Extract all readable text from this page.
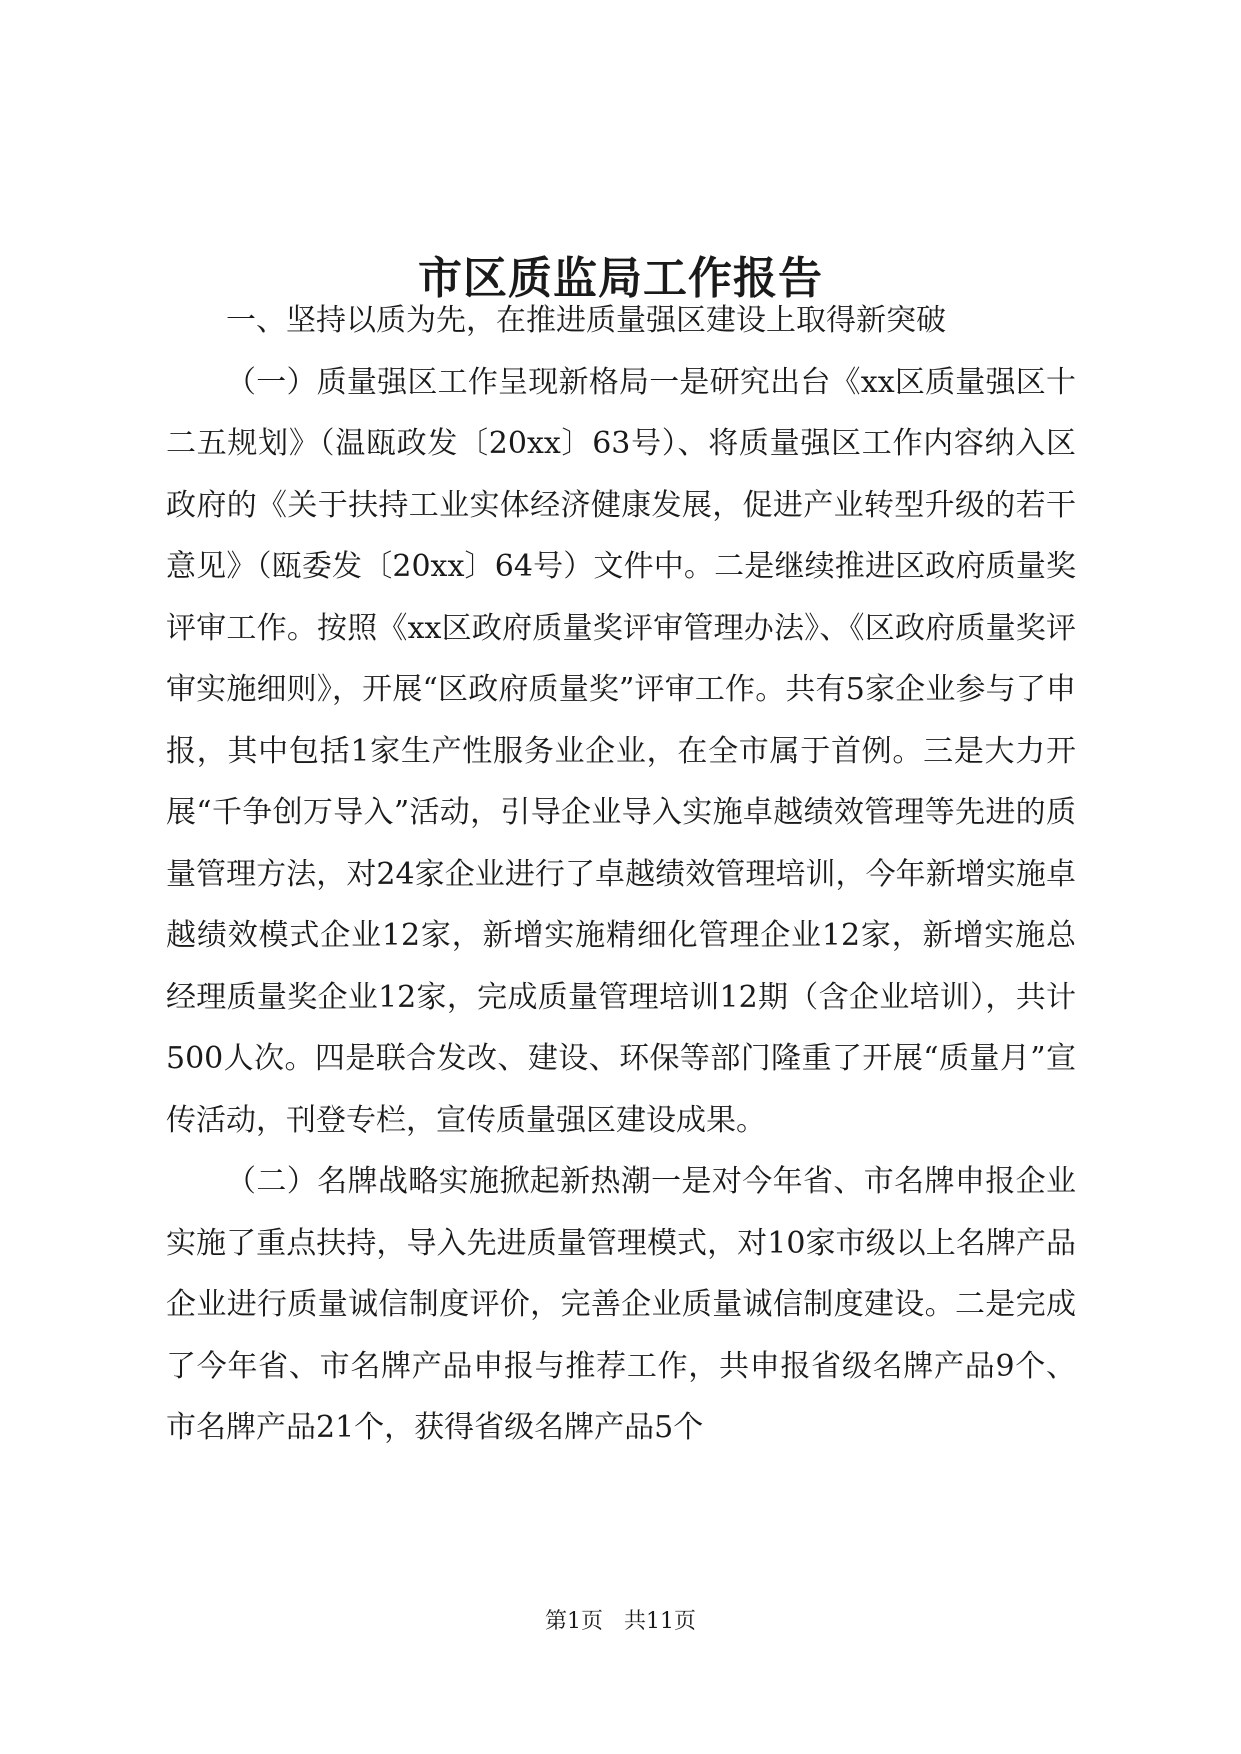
市区质监局工作报告

一、坚持以质为先，在推进质量强区建设上取得新突破

（一）质量强区工作呈现新格局一是研究出台《xx区质量强区十二五规划》（温瓯政发〔20xx〕63号）、将质量强区工作内容纳入区政府的《关于扶持工业实体经济健康发展，促进产业转型升级的若干意见》（瓯委发〔20xx〕64号）文件中。二是继续推进区政府质量奖评审工作。按照《xx区政府质量奖评审管理办法》、《区政府质量奖评审实施细则》，开展“区政府质量奖”评审工作。共有5家企业参与了申报，其中包括1家生产性服务业企业，在全市属于首例。三是大力开展“千争创万导入”活动，引导企业导入实施卓越绩效管理等先进的质量管理方法，对24家企业进行了卓越绩效管理培训，今年新增实施卓越绩效模式企业12家，新增实施精细化管理企业12家，新增实施总经理质量奖企业12家，完成质量管理培训12期（含企业培训），共计500人次。四是联合发改、建设、环保等部门隆重了开展“质量月”宣传活动，刊登专栏，宣传质量强区建设成果。

（二）名牌战略实施掀起新热潮一是对今年省、市名牌申报企业实施了重点扶持，导入先进质量管理模式，对10家市级以上名牌产品企业进行质量诚信制度评价，完善企业质量诚信制度建设。二是完成了今年省、市名牌产品申报与推荐工作，共申报省级名牌产品9个、市名牌产品21个，获得省级名牌产品5个

第1页 共11页
